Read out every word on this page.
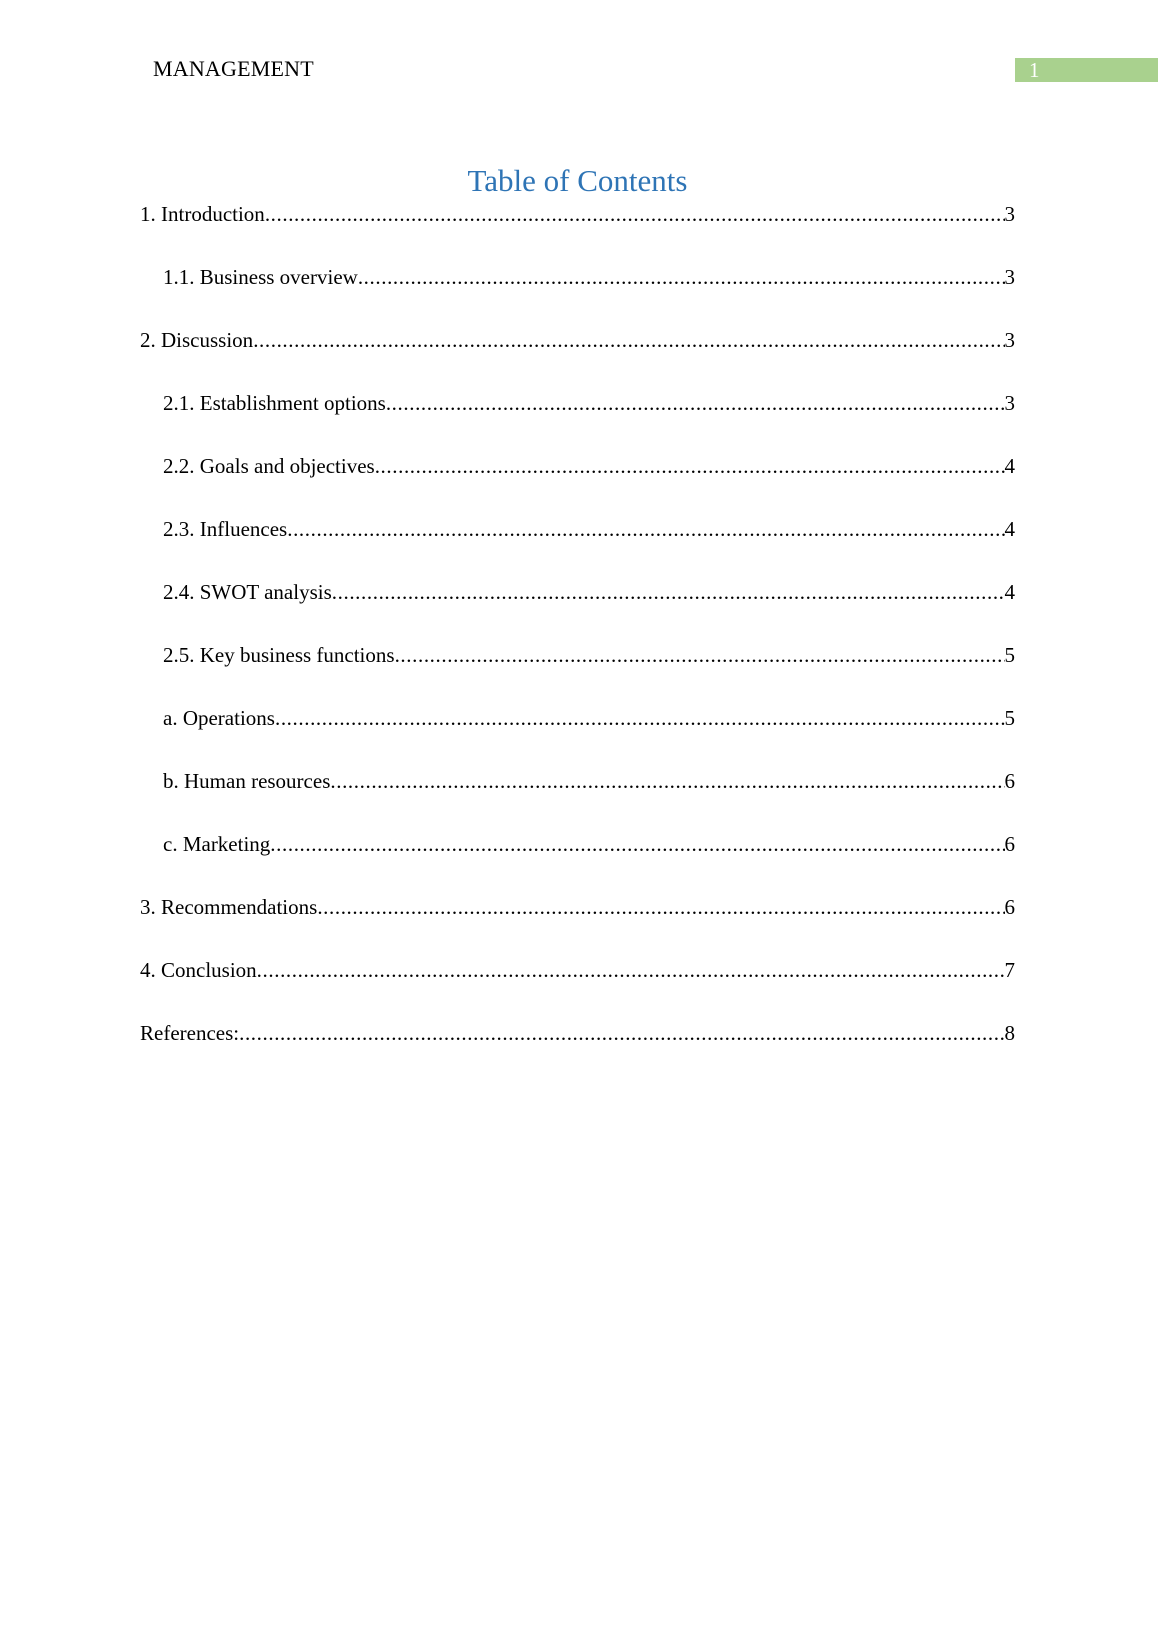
MANAGEMENT	1
Table of Contents
1. Introduction .....	3
1.1. Business overview .....	3
2. Discussion .....	3
2.1. Establishment options .....	3
2.2. Goals and objectives .....	4
2.3. Influences .....	4
2.4. SWOT analysis .....	4
2.5. Key business functions .....	5
a. Operations .....	5
b. Human resources .....	6
c. Marketing .....	6
3. Recommendations .....	6
4. Conclusion .....	7
References: .....	8
